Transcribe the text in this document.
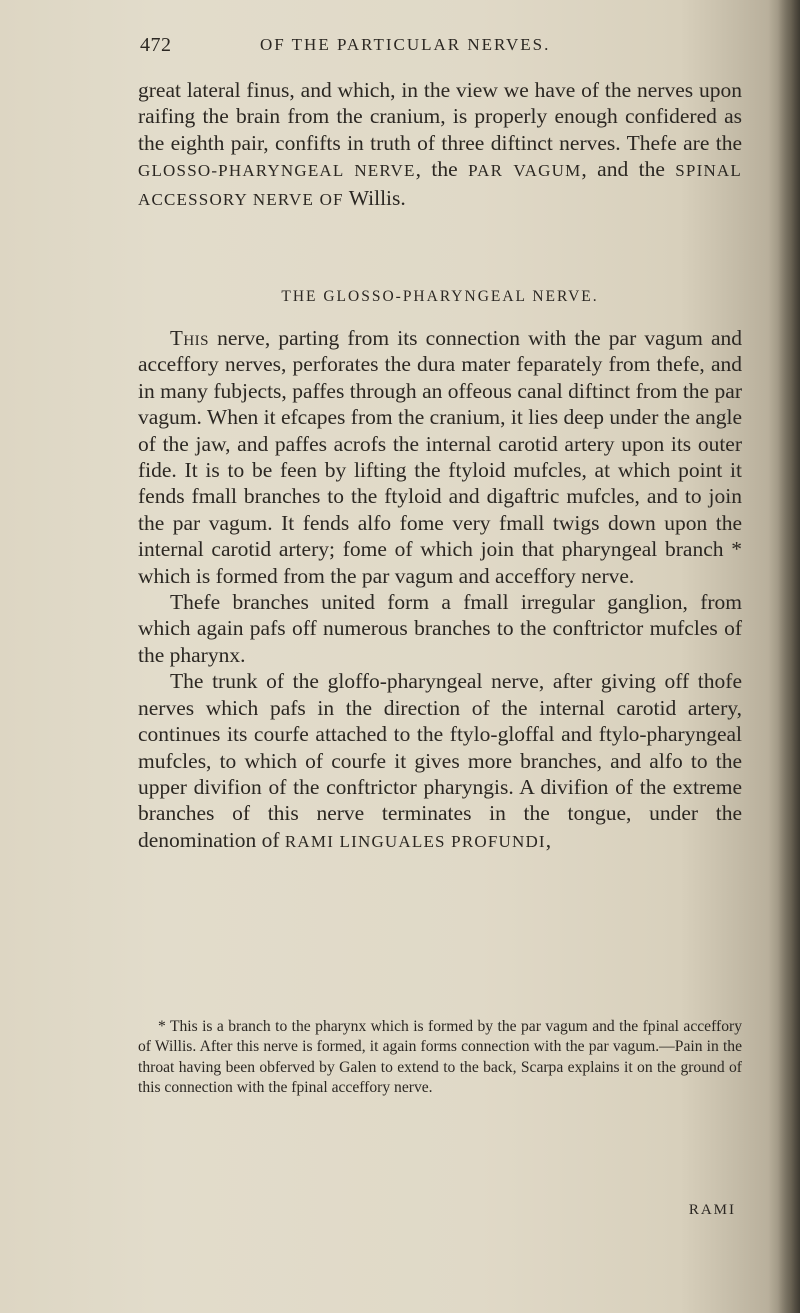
472	OF THE PARTICULAR NERVES.
great lateral finus, and which, in the view we have of the nerves upon raifing the brain from the cranium, is properly enough confidered as the eighth pair, confifts in truth of three diftinct nerves. Thefe are the GLOSSO-PHARYNGEAL NERVE, the PAR VAGUM, and the SPINAL ACCESSORY NERVE OF Willis.
THE GLOSSO-PHARYNGEAL NERVE.

This nerve, parting from its connection with the par vagum and acceffory nerves, perforates the dura mater feparately from thefe, and in many fubjects, paffes through an offeous canal diftinct from the par vagum. When it efcapes from the cranium, it lies deep under the angle of the jaw, and paffes acrofs the internal carotid artery upon its outer fide. It is to be feen by lifting the ftyloid mufcles, at which point it fends fmall branches to the ftyloid and digaftric mufcles, and to join the par vagum. It fends alfo fome very fmall twigs down upon the internal carotid artery; fome of which join that pharyngeal branch * which is formed from the par vagum and acceffory nerve.

Thefe branches united form a fmall irregular ganglion, from which again pafs off numerous branches to the conftrictor mufcles of the pharynx.

The trunk of the gloffo-pharyngeal nerve, after giving off thofe nerves which pafs in the direction of the internal carotid artery, continues its courfe attached to the ftylo-gloffal and ftylo-pharyngeal mufcles, to which of courfe it gives more branches, and alfo to the upper divifion of the conftrictor pharyngis. A divifion of the extreme branches of this nerve terminates in the tongue, under the denomination of RAMI LINGUALES PROFUNDI,

* This is a branch to the pharynx which is formed by the par vagum and the fpinal acceffory of Willis. After this nerve is formed, it again forms connection with the par vagum.—Pain in the throat having been obferved by Galen to extend to the back, Scarpa explains it on the ground of this connection with the fpinal acceffory nerve.

RAMI
